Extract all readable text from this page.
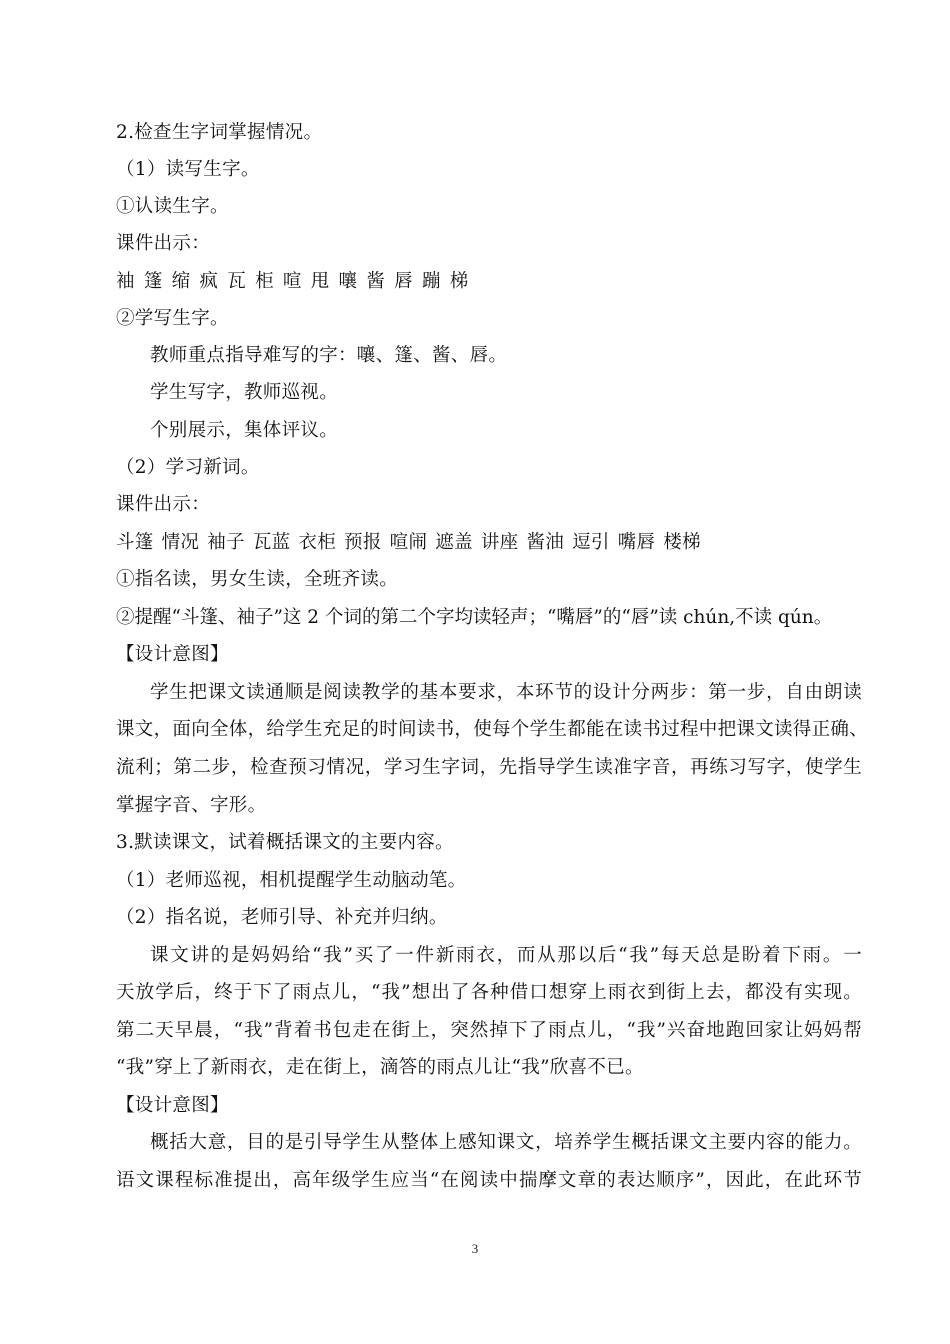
2.检查生字词掌握情况。
（1）读写生字。
①认读生字。
课件出示：
袖 篷 缩 疯 瓦 柜 喧 甩 嚷 酱 唇 蹦 梯
②学写生字。
教师重点指导难写的字：嚷、篷、酱、唇。
学生写字，教师巡视。
个别展示，集体评议。
（2）学习新词。
课件出示：
斗篷 情况 袖子 瓦蓝 衣柜 预报 喧闹 遮盖 讲座 酱油 逗引 嘴唇 楼梯
①指名读，男女生读，全班齐读。
②提醒“斗篷、袖子”这 2 个词的第二个字均读轻声；“嘴唇”的“唇”读 chún,不读 qún。
【设计意图】
学生把课文读通顺是阅读教学的基本要求，本环节的设计分两步：第一步，自由朗读
课文，面向全体，给学生充足的时间读书，使每个学生都能在读书过程中把课文读得正确、
流利；第二步，检查预习情况，学习生字词，先指导学生读准字音，再练习写字，使学生
掌握字音、字形。
3.默读课文，试着概括课文的主要内容。
（1）老师巡视，相机提醒学生动脑动笔。
（2）指名说，老师引导、补充并归纳。
课文讲的是妈妈给“我”买了一件新雨衣，而从那以后“我”每天总是盼着下雨。一
天放学后，终于下了雨点儿，“我”想出了各种借口想穿上雨衣到街上去，都没有实现。
第二天早晨，“我”背着书包走在街上，突然掉下了雨点儿，“我”兴奋地跑回家让妈妈帮
“我”穿上了新雨衣，走在街上，滴答的雨点儿让“我”欣喜不已。
【设计意图】
概括大意，目的是引导学生从整体上感知课文，培养学生概括课文主要内容的能力。
语文课程标准提出，高年级学生应当“在阅读中揣摩文章的表达顺序”，因此，在此环节
3
